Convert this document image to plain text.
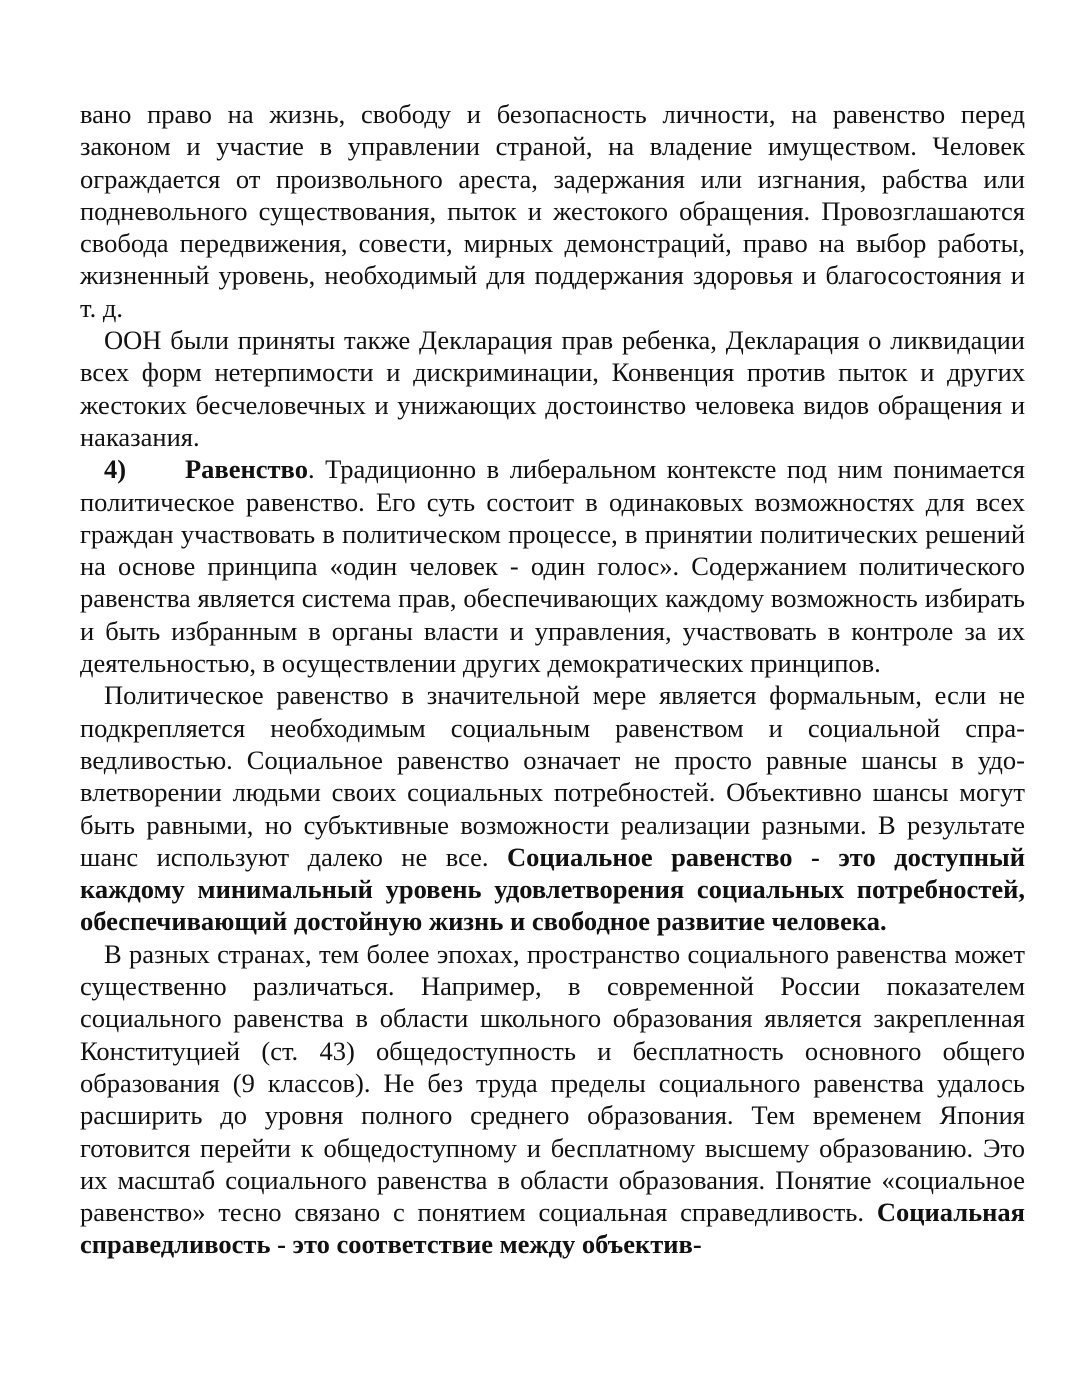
вано право на жизнь, свободу и безопасность личности, на равенство перед законом и участие в управлении страной, на владение имуществом. Человек ограждается от произвольного ареста, задержания или изгнания, рабства или подневольного существования, пыток и жестокого обращения. Провозглашаются свобода передвижения, совести, мирных демонстраций, право на выбор работы, жизненный уровень, необходимый для поддержания здоровья и благосостояния и т. д.

ООН были приняты также Декларация прав ребенка, Декларация о ликвидации всех форм нетерпимости и дискриминации, Конвенция против пыток и других жестоких бесчеловечных и унижающих достоинство человека видов обращения и наказания.

4) Равенство. Традиционно в либеральном контексте под ним понимается политическое равенство. Его суть состоит в одинаковых возможностях для всех граждан участвовать в политическом процессе, в принятии политических решений на основе принципа «один человек - один голос». Содержанием политического равенства является система прав, обеспечивающих каждому возможность избирать и быть избранным в органы власти и управления, участвовать в контроле за их деятельностью, в осуществлении других демократических принципов.

Политическое равенство в значительной мере является формальным, если не подкрепляется необходимым социальным равенством и социальной справедливостью. Социальное равенство означает не просто равные шансы в удовлетворении людьми своих социальных потребностей. Объективно шансы могут быть равными, но субъктивные возможности реализации разными. В результате шанс используют далеко не все. Социальное равенство - это доступный каждому минимальный уровень удовлетворения социальных потребностей, обеспечивающий достойную жизнь и свободное развитие человека.

В разных странах, тем более эпохах, пространство социального равенства может существенно различаться. Например, в современной России показателем социального равенства в области школьного образования является закрепленная Конституцией (ст. 43) общедоступность и бесплатность основного общего образования (9 классов). Не без труда пределы социального равенства удалось расширить до уровня полного среднего образования. Тем временем Япония готовится перейти к общедоступному и бесплатному высшему образованию. Это их масштаб социального равенства в области образования. Понятие «социальное равенство» тесно связано с понятием социальная справедливость. Социальная справедливость - это соответствие между объектив-
